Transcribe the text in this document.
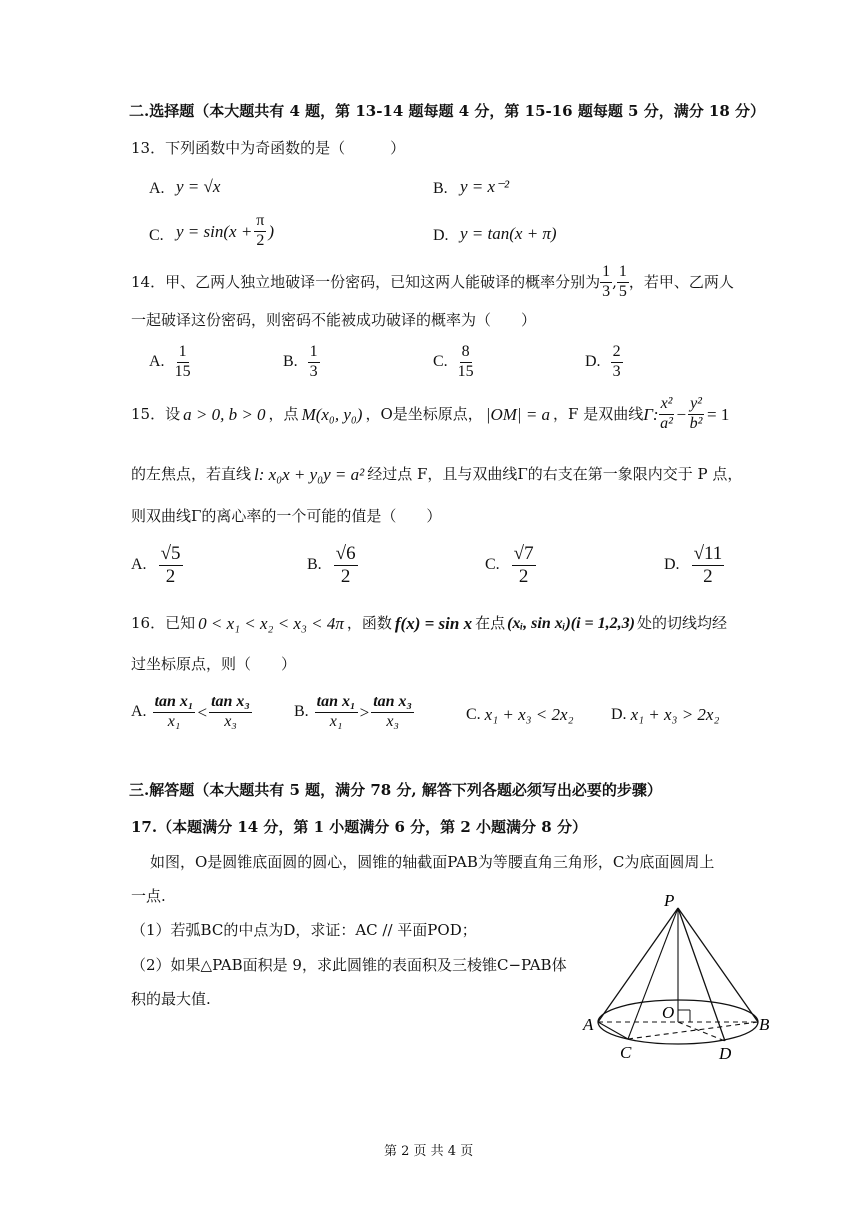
二.选择题（本大题共有 4 题，第 13-14 题每题 4 分，第 15-16 题每题 5 分，满分 18 分）
13．下列函数中为奇函数的是（　　　）
A. y = √x	B. y = x⁻²
C. $y = \sin(x + \frac{\pi}{2}$ )	D. y = tan(x + π)
14．甲、乙两人独立地破译一份密码，已知这两人能破译的概率分别为 $\frac{1}{3}$ , $\frac{1}{5}$ ，若甲、乙两人
一起破译这份密码，则密码不能被成功破译的概率为（　　）
A. $\frac{1}{15}$	B. $\frac{1}{3}$	C. $\frac{8}{15}$	D. $\frac{2}{3}$
15．设 a > 0, b > 0 ，点 M(x₀, y₀) ，O是坐标原点， |OM| = a ，F 是双曲线 Γ: $\frac{\text{x²}}{\text{a²}} - \frac{\text{y²}}{\text{b²}} = 1$
的左焦点，若直线 l: x₀x + y₀y = a² 经过点 F，且与双曲线Γ的右支在第一象限内交于 P 点，
则双曲线Γ的离心率的一个可能的值是（　　）
A. $\frac{√5}{2}$	B. $\frac{√6}{2}$	C. $\frac{√7}{2}$	D. $\frac{√11}{2}$
16．已知 0 < x₁ < x₂ < x₃ < 4π ，函数 f(x) = sin x 在点 (xᵢ, sin xᵢ)(i = 1,2,3) 处的切线均经
过坐标原点，则（　　）
A. $\frac{\text{tan x₁}}{\text{x₁}} < \frac{\text{tan x₃}}{\text{x₃}}$	B. $\frac{\text{tan x₁}}{\text{x₁}} > \frac{\text{tan x₃}}{\text{x₃}}$	C. x₁ + x₃ < 2x₂ D. x₁ + x₃ > 2x₂
三.解答题（本大题共有 5 题，满分 78 分, 解答下列各题必须写出必要的步骤）
17.（本题满分 14 分，第 1 小题满分 6 分，第 2 小题满分 8 分）
如图，O是圆锥底面圆的圆心，圆锥的轴截面PAB为等腰直角三角形，C为底面圆周上
一点.
（1）若弧BC的中点为D，求证：AC // 平面POD；
（2）如果△PAB面积是 9，求此圆锥的表面积及三棱锥C−PAB体
积的最大值.
P
O
A	B
C	D
第 2 页 共 4 页
